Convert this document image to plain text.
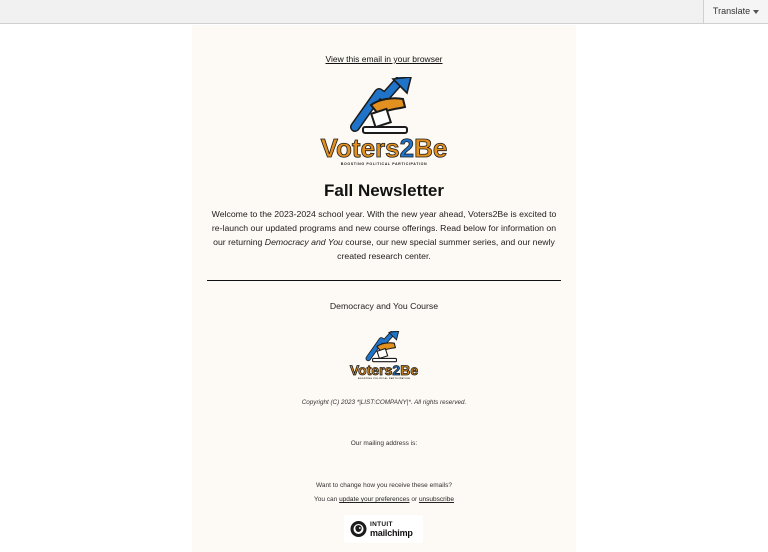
Translate
View this email in your browser
Voters2Be
BOOSTING POLITICAL PARTICIPATION
Fall Newsletter
Welcome to the 2023-2024 school year. With the new year ahead, Voters2Be is excited to re-launch our updated programs and new course offerings. Read below for information on our returning Democracy and You course, our new special summer series, and our newly created research center.
Democracy and You Course
Voters2Be
BOOSTING POLITICAL PARTICIPATION
Copyright (C) 2023 *|LIST:COMPANY|*. All rights reserved.
Our mailing address is:
Want to change how you receive these emails?
You can update your preferences or unsubscribe
INTUIT
mailchimp
